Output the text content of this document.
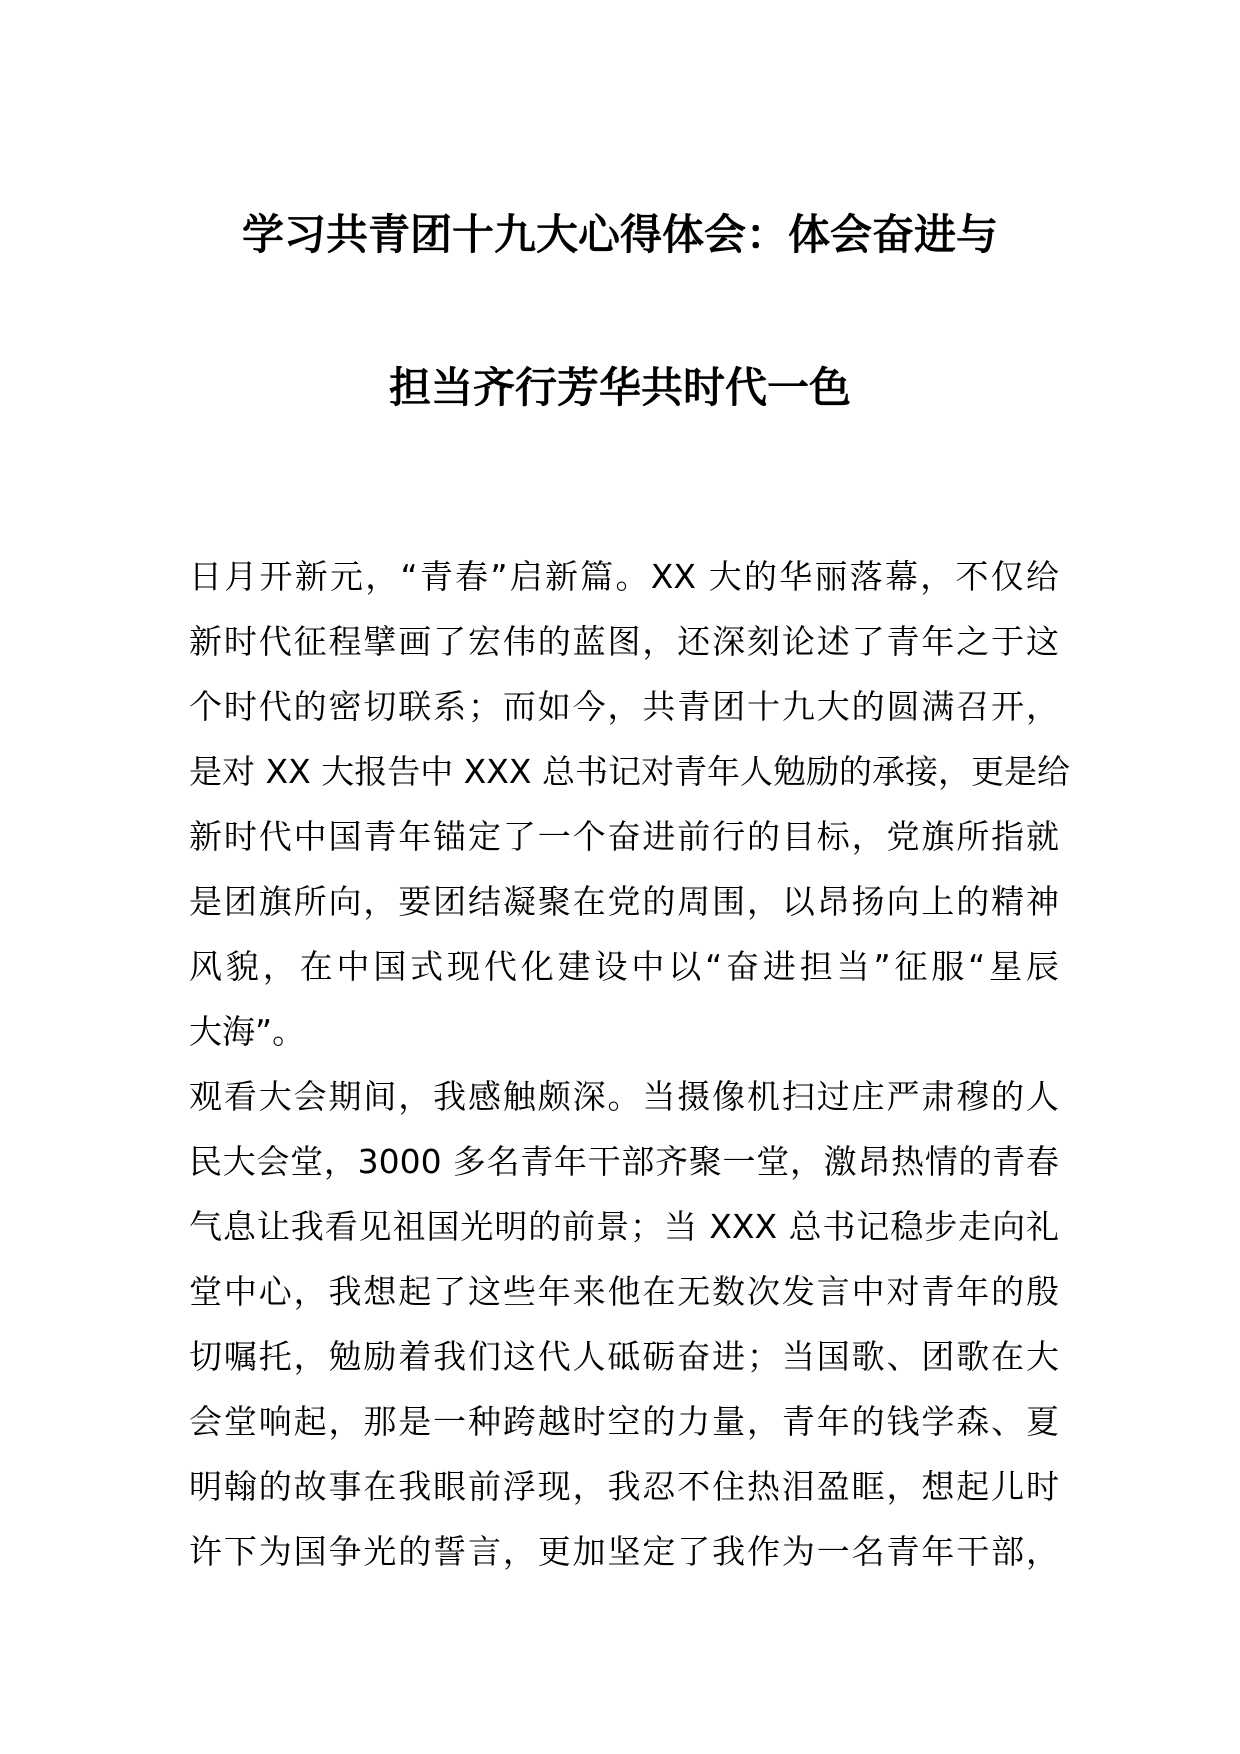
学习共青团十九大心得体会：体会奋进与
担当齐行芳华共时代一色
日月开新元，“青春”启新篇。XX 大的华丽落幕，不仅给
新时代征程擘画了宏伟的蓝图，还深刻论述了青年之于这
个时代的密切联系；而如今，共青团十九大的圆满召开，
是对 XX 大报告中 XXX 总书记对青年人勉励的承接，更是给
新时代中国青年锚定了一个奋进前行的目标，党旗所指就
是团旗所向，要团结凝聚在党的周围，以昂扬向上的精神
风貌，在中国式现代化建设中以“奋进担当”征服“星辰
大海”。
观看大会期间，我感触颇深。当摄像机扫过庄严肃穆的人
民大会堂，3000 多名青年干部齐聚一堂，激昂热情的青春
气息让我看见祖国光明的前景；当 XXX 总书记稳步走向礼
堂中心，我想起了这些年来他在无数次发言中对青年的殷
切嘱托，勉励着我们这代人砥砺奋进；当国歌、团歌在大
会堂响起，那是一种跨越时空的力量，青年的钱学森、夏
明翰的故事在我眼前浮现，我忍不住热泪盈眶，想起儿时
许下为国争光的誓言，更加坚定了我作为一名青年干部，
